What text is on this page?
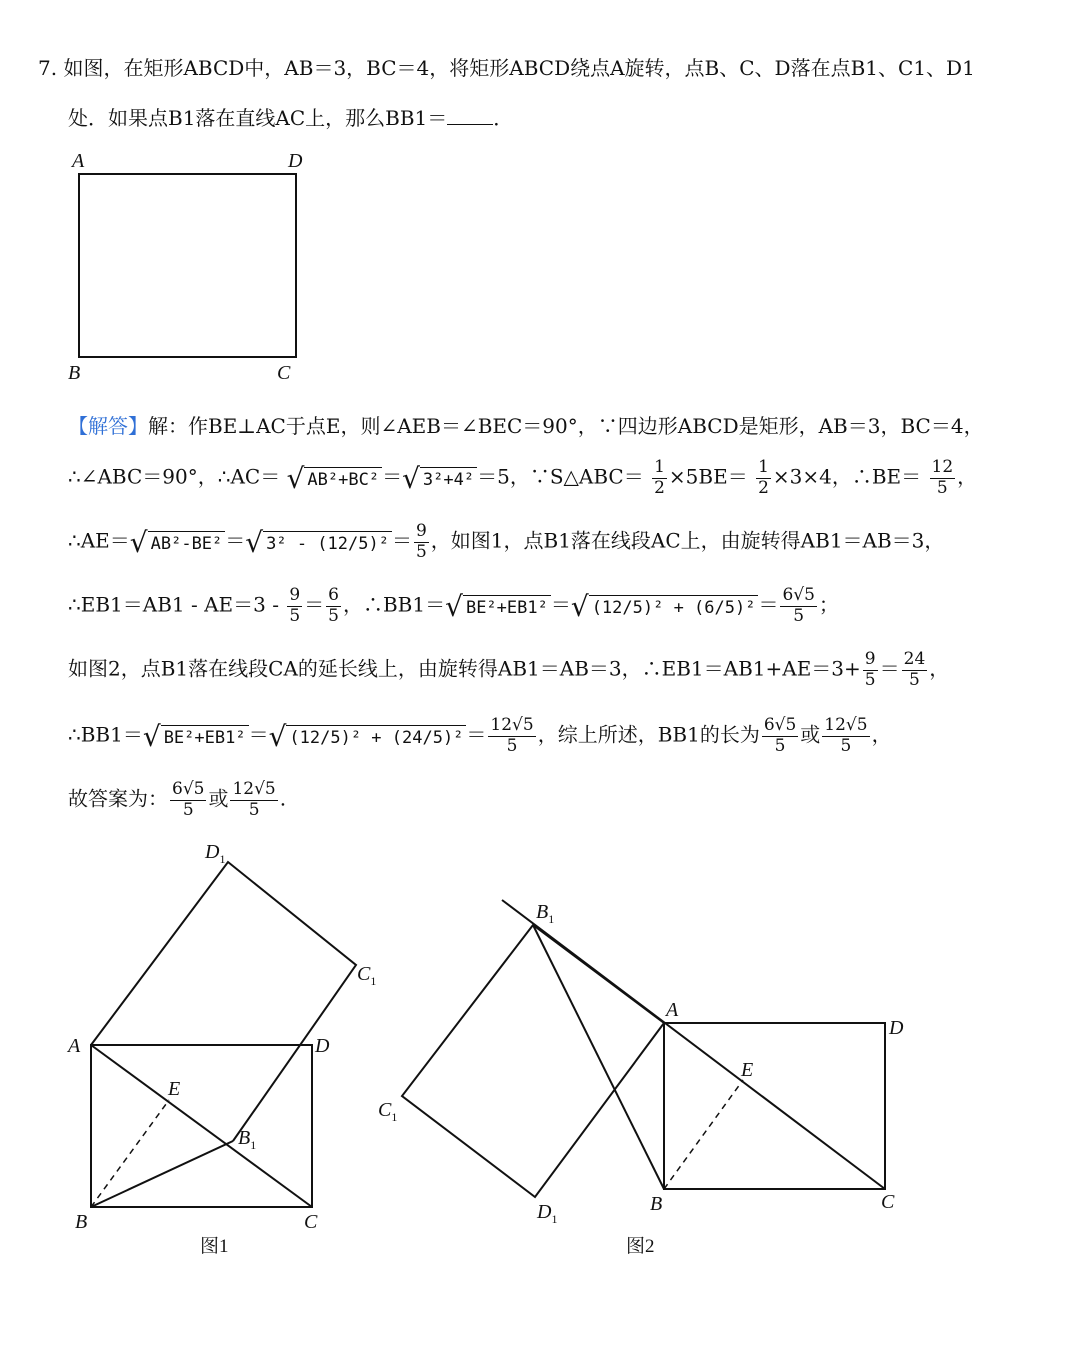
7. 如图，在矩形ABCD中，AB＝3，BC＝4，将矩形ABCD绕点A旋转，点B、C、D落在点B1、C1、D1
处．如果点B1落在直线AC上，那么BB1＝ ．
A	D
B	C
【解答】解：作BE⊥AC于点E，则∠AEB＝∠BEC＝90°，∵四边形ABCD是矩形，AB＝3，BC＝4，
∴∠ABC＝90°，∴AC＝ √ AB²+BC² ＝√ 3²+4² ＝5，∵S△ABC＝ $\frac{1}{2} \times 5BE= \frac{1}{2} \times 3\times 4$，∴BE＝ $\frac{12}{5}$ ，
∴AE＝√ AB²-BE² ＝√ $3^2 - (12/5)^2 = \frac{9}{5}$ ，如图1，点B1落在线段AC上，由旋转得AB1＝AB＝3，
∴EB1＝AB1 - $AE=3 - \frac{9}{5} = \frac{6}{5}$ ，∴BB1＝√ BE²+EB1² ＝√ $(12/5)^2 + (6/5)^2 = \frac{6√5}{5}$ ；
如图2，点B1落在线段CA的延长线上，由旋转得AB1＝AB＝3，∴EB1＝AB1+AE＝3+ $\frac{9}{5} = \frac{24}{5}$ ，
∴BB1＝√ BE²+EB1² ＝√ $(12/5)^2 + (24/5)^2 = \frac{12√5}{5}$ ，综上所述，BB1的长为 $\frac{6√5}{5}$ 或 $\frac{12√5}{5}$ ，
故答案为： $\frac{6√5}{5}$ 或 $\frac{12√5}{5}$ .
$D_1$
$C_1$
A	D
E
$B_1$
B	C
图1
$B_1$
A
D
E
$C_1$
$D_1$
B	C
图2
